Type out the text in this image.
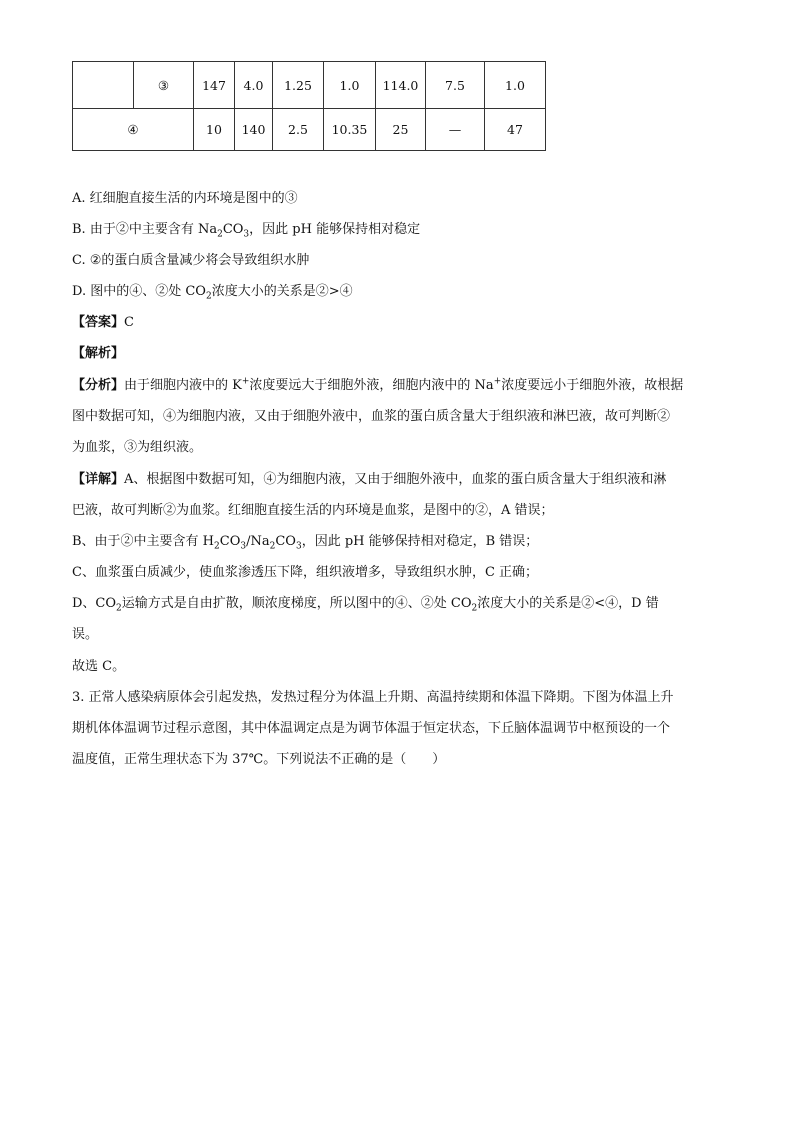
	③	147	4.0	1.25	1.0	114.0	7.5	1.0
④		10	140	2.5	10.35	25	—	47
A. 红细胞直接生活的内环境是图中的③
B. 由于②中主要含有 $Na_2CO_3$，因此 pH 能够保持相对稳定
C. ②的蛋白质含量减少将会导致组织水肿
D. 图中的④、②处 $CO_2$浓度大小的关系是②>④
【答案】C
【解析】
【分析】由于细胞内液中的 K+浓度要远大于细胞外液，细胞内液中的 Na+浓度要远小于细胞外液，故根据
图中数据可知，④为细胞内液，又由于细胞外液中，血浆的蛋白质含量大于组织液和淋巴液，故可判断②
为血浆，③为组织液。
【详解】A、根据图中数据可知，④为细胞内液，又由于细胞外液中，血浆的蛋白质含量大于组织液和淋
巴液，故可判断②为血浆。红细胞直接生活的内环境是血浆，是图中的②，A 错误；
B、由于②中主要含有 $H_2CO_3/Na_2CO_3$，因此 pH 能够保持相对稳定，B 错误；
C、血浆蛋白质减少，使血浆渗透压下降，组织液增多，导致组织水肿，C 正确；
D、$CO_2$运输方式是自由扩散，顺浓度梯度，所以图中的④、②处 $CO_2$浓度大小的关系是②<④，D 错
误。
故选 C。
3. 正常人感染病原体会引起发热，发热过程分为体温上升期、高温持续期和体温下降期。下图为体温上升
期机体体温调节过程示意图，其中体温调定点是为调节体温于恒定状态，下丘脑体温调节中枢预设的一个
温度值，正常生理状态下为 37℃。下列说法不正确的是（　　）
